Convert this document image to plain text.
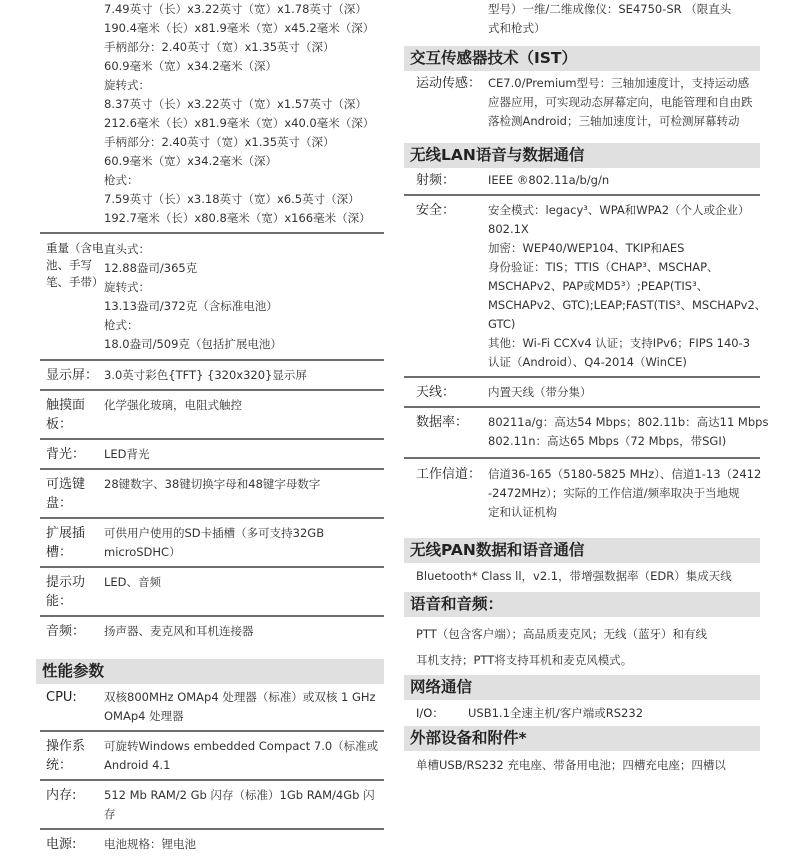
7.49英寸（长）x3.22英寸（宽）x1.78英寸（深）
190.4毫米（长）x81.9毫米（宽）x45.2毫米（深）
手柄部分：2.40英寸（宽）x1.35英寸（深）
60.9毫米（宽）x34.2毫米（深）
旋转式：
8.37英寸（长）x3.22英寸（宽）x1.57英寸（深）
212.6毫米（长）x81.9毫米（宽）x40.0毫米（深）
手柄部分：2.40英寸（宽）x1.35英寸（深）
60.9毫米（宽）x34.2毫米（深）
枪式：
7.59英寸（长）x3.18英寸（宽）x6.5英寸（深）
192.7毫米（长）x80.8毫米（宽）x166毫米（深）
重量（含电池、手写笔、手带）
直头式：
12.88盎司/365克
旋转式：
13.13盎司/372克（含标准电池）
枪式：
18.0盎司/509克（包括扩展电池）
显示屏： 3.0英寸彩色{TFT} {320x320}显示屏
触摸面板：
化学强化玻璃，电阻式触控
背光：	LED背光
可选键盘：
28键数字、38键切换字母和48键字母数字
扩展插槽：
可供用户使用的SD卡插槽（多可支持32GB microSDHC）
提示功能：
LED、音频
音频：	扬声器、麦克风和耳机连接器
性能参数
CPU:	双核800MHz OMAp4 处理器（标准）或双核 1 GHz OMAp4 处理器
操作系统：
可旋转Windows embedded Compact 7.0（标准或 Android 4.1
内存:	512 Mb RAM/2 Gb 闪存（标准）1Gb RAM/4Gb 闪存
电源:	电池规格：锂电池
型号）一维/二维成像仪：SE4750-SR （限直头
式和枪式）
交互传感器技术（IST）
运动传感： CE7.0/Premium型号：三轴加速度计，支持运动感应器应用，可实现动态屏幕定向，电能管理和自由跌落检测Android；三轴加速度计，可检测屏幕转动
无线LAN语音与数据通信
射频：	IEEE ®802.11a/b/g/n
安全：	安全模式：legacy³、WPA和WPA2（个人或企业）
802.1X
加密：WEP40/WEP104、TKIP和AES
身份验证：TIS；TTIS（CHAP³、MSCHAP、
MSCHAPv2、PAP或MD5³）;PEAP(TIS³、
MSCHAPv2、GTC);LEAP;FAST(TIS³、MSCHAPv2、
GTC)
其他：Wi-Fi CCXv4 认证；支持IPv6；FIPS 140-3
认证（Android）、Q4-2014（WinCE)
天线：	内置天线（带分集）
数据率：	80211a/g：高达54 Mbps；802.11b：高达11 Mbps
802.11n：高达65 Mbps（72 Mbps，带SGI)
工作信道： 信道36-165（5180-5825 MHz）、信道1-13（2412
-2472MHz）；实际的工作信道/频率取决于当地规
定和认证机构
无线PAN数据和语音通信
Bluetooth* Class ll，v2.1，带增强数据率（EDR）集成天线
语音和音频：
PTT（包含客户端）；高品质麦克风；无线（蓝牙）和有线
耳机支持；PTT将支持耳机和麦克风模式。
网络通信
I/O：	USB1.1全速主机/客户端或RS232
外部设备和附件*
单槽USB/RS232 充电座、带备用电池；四槽充电座；四槽以
